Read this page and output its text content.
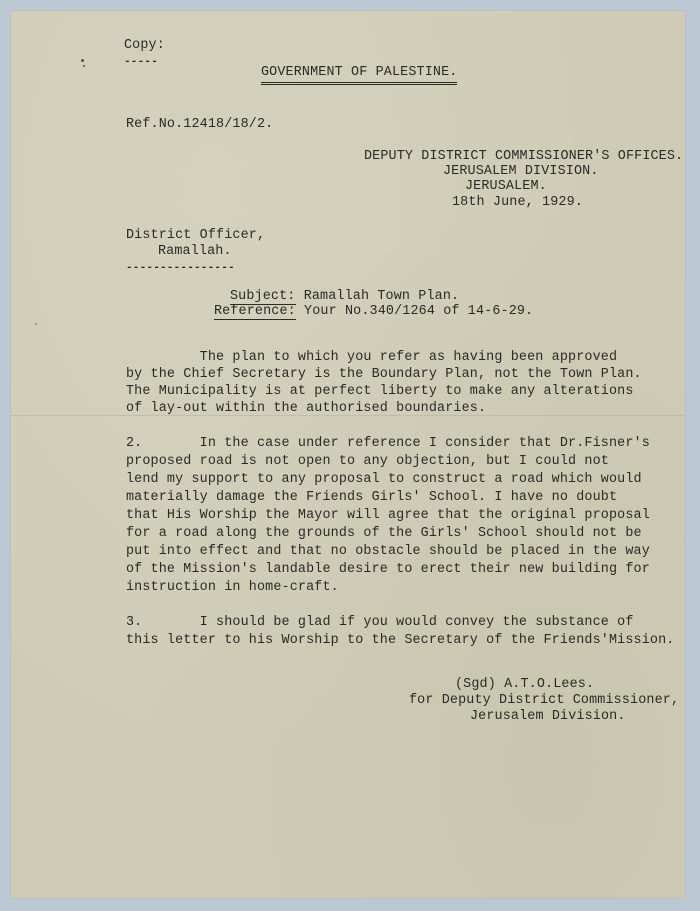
Copy:
-----
GOVERNMENT OF PALESTINE.
Ref.No.12418/18/2.
DEPUTY DISTRICT COMMISSIONER'S OFFICES.
JERUSALEM DIVISION.
JERUSALEM.
18th June, 1929.
District Officer,
Ramallah.
----------------
Subject: Ramallah Town Plan.
Reference: Your No.340/1264 of 14-6-29.
The plan to which you refer as having been approved
by the Chief Secretary is the Boundary Plan, not the Town Plan.
The Municipality is at perfect liberty to make any alterations
of lay-out within the authorised boundaries.
2.       In the case under reference I consider that Dr.Fisner's
proposed road is not open to any objection, but I could not
lend my support to any proposal to construct a road which would
materially damage the Friends Girls' School. I have no doubt
that His Worship the Mayor will agree that the original proposal
for a road along the grounds of the Girls' School should not be
put into effect and that no obstacle should be placed in the way
of the Mission's landable desire to erect their new building for
instruction in home-craft.
3.       I should be glad if you would convey the substance of
this letter to his Worship to the Secretary of the Friends'Mission.
(Sgd) A.T.O.Lees.
for Deputy District Commissioner,
Jerusalem Division.
